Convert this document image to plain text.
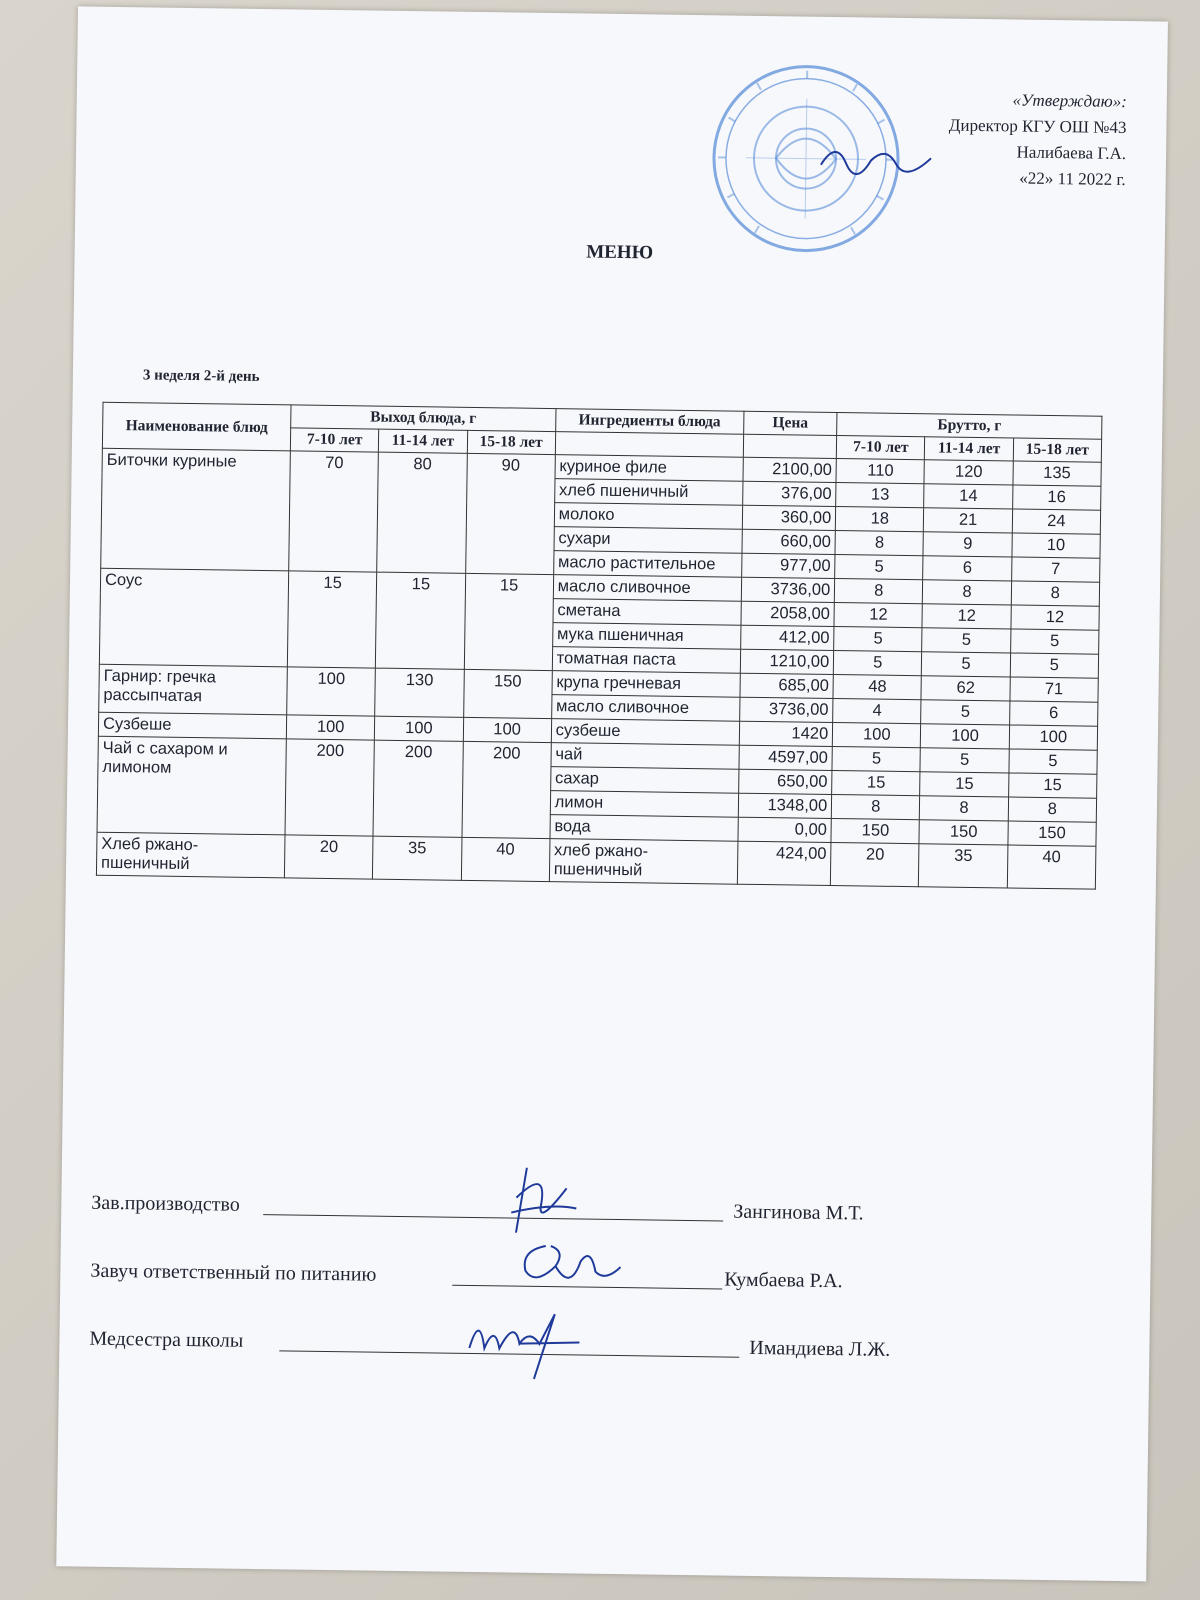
«Утверждаю»:
Директор КГУ ОШ №43
Налибаева Г.А.
«22» 11 2022 г.
МЕНЮ
3 неделя 2-й день
Наименование блюд	Выход блюда, г			Ингредиенты блюда	Цена	Брутто, г		
	7-10 лет	11-14 лет	15-18 лет			7-10 лет	11-14 лет	15-18 лет
Биточки куриные	70	80	90	куриное филе	2100,00	110	120	135
				хлеб пшеничный	376,00	13	14	16
				молоко	360,00	18	21	24
				сухари	660,00	8	9	10
				масло растительное	977,00	5	6	7
Соус	15	15	15	масло сливочное	3736,00	8	8	8
				сметана	2058,00	12	12	12
				мука пшеничная	412,00	5	5	5
				томатная паста	1210,00	5	5	5
Гарнир: гречка рассыпчатая	100	130	150	крупа гречневая	685,00	48	62	71
				масло сливочное	3736,00	4	5	6
Сузбеше	100	100	100	сузбеше	1420	100	100	100
Чай с сахаром и лимоном	200	200	200	чай	4597,00	5	5	5
				сахар	650,00	15	15	15
				лимон	1348,00	8	8	8
				вода	0,00	150	150	150
Хлеб ржано-пшеничный	20	35	40	хлеб ржано-пшеничный	424,00	20	35	40
Зав.производство	Зангинова М.Т.
Завуч ответственный по питанию	Кумбаева Р.А.
Медсестра школы	Имандиева Л.Ж.
